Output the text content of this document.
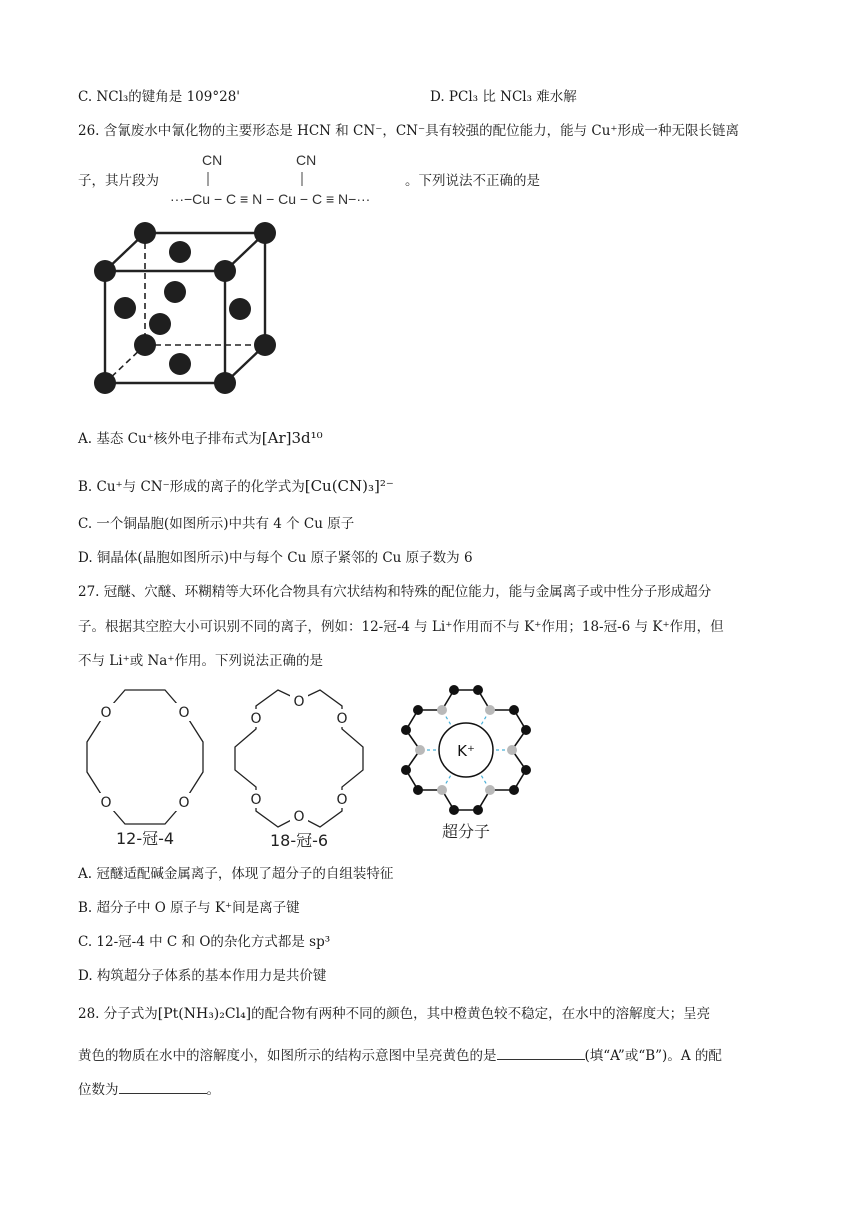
C. NCl₃的键角是 109°28'	D. PCl₃ 比 NCl₃ 难水解
26. 含氰废水中氰化物的主要形态是 HCN 和 CN⁻，CN⁻具有较强的配位能力，能与 Cu⁺形成一种无限长链离
子，其片段为	。下列说法不正确的是
CN	CN
···−Cu − C ≡ N − Cu − C ≡ N−···
A. 基态 Cu⁺核外电子排布式为[Ar]3d¹⁰
B. Cu⁺与 CN⁻形成的离子的化学式为[Cu(CN)₃]²⁻
C. 一个铜晶胞(如图所示)中共有 4 个 Cu 原子
D. 铜晶体(晶胞如图所示)中与每个 Cu 原子紧邻的 Cu 原子数为 6
27. 冠醚、穴醚、环糊精等大环化合物具有穴状结构和特殊的配位能力，能与金属离子或中性分子形成超分
子。根据其空腔大小可识别不同的离子，例如：12-冠-4 与 Li⁺作用而不与 K⁺作用；18-冠-6 与 K⁺作用，但
不与 Li⁺或 Na⁺作用。下列说法正确的是
O	O
O	O
12-冠-4
O
O
O
O
O
O
18-冠-6
K⁺
超分子
A. 冠醚适配碱金属离子，体现了超分子的自组装特征
B. 超分子中 O 原子与 K⁺间是离子键
C. 12-冠-4 中 C 和 O的杂化方式都是 sp³
D. 构筑超分子体系的基本作用力是共价键
28. 分子式为[Pt(NH₃)₂Cl₄]的配合物有两种不同的颜色，其中橙黄色较不稳定，在水中的溶解度大；呈亮
黄色的物质在水中的溶解度小，如图所示的结构示意图中呈亮黄色的是	(填“A”或“B”)。A 的配
位数为	。
